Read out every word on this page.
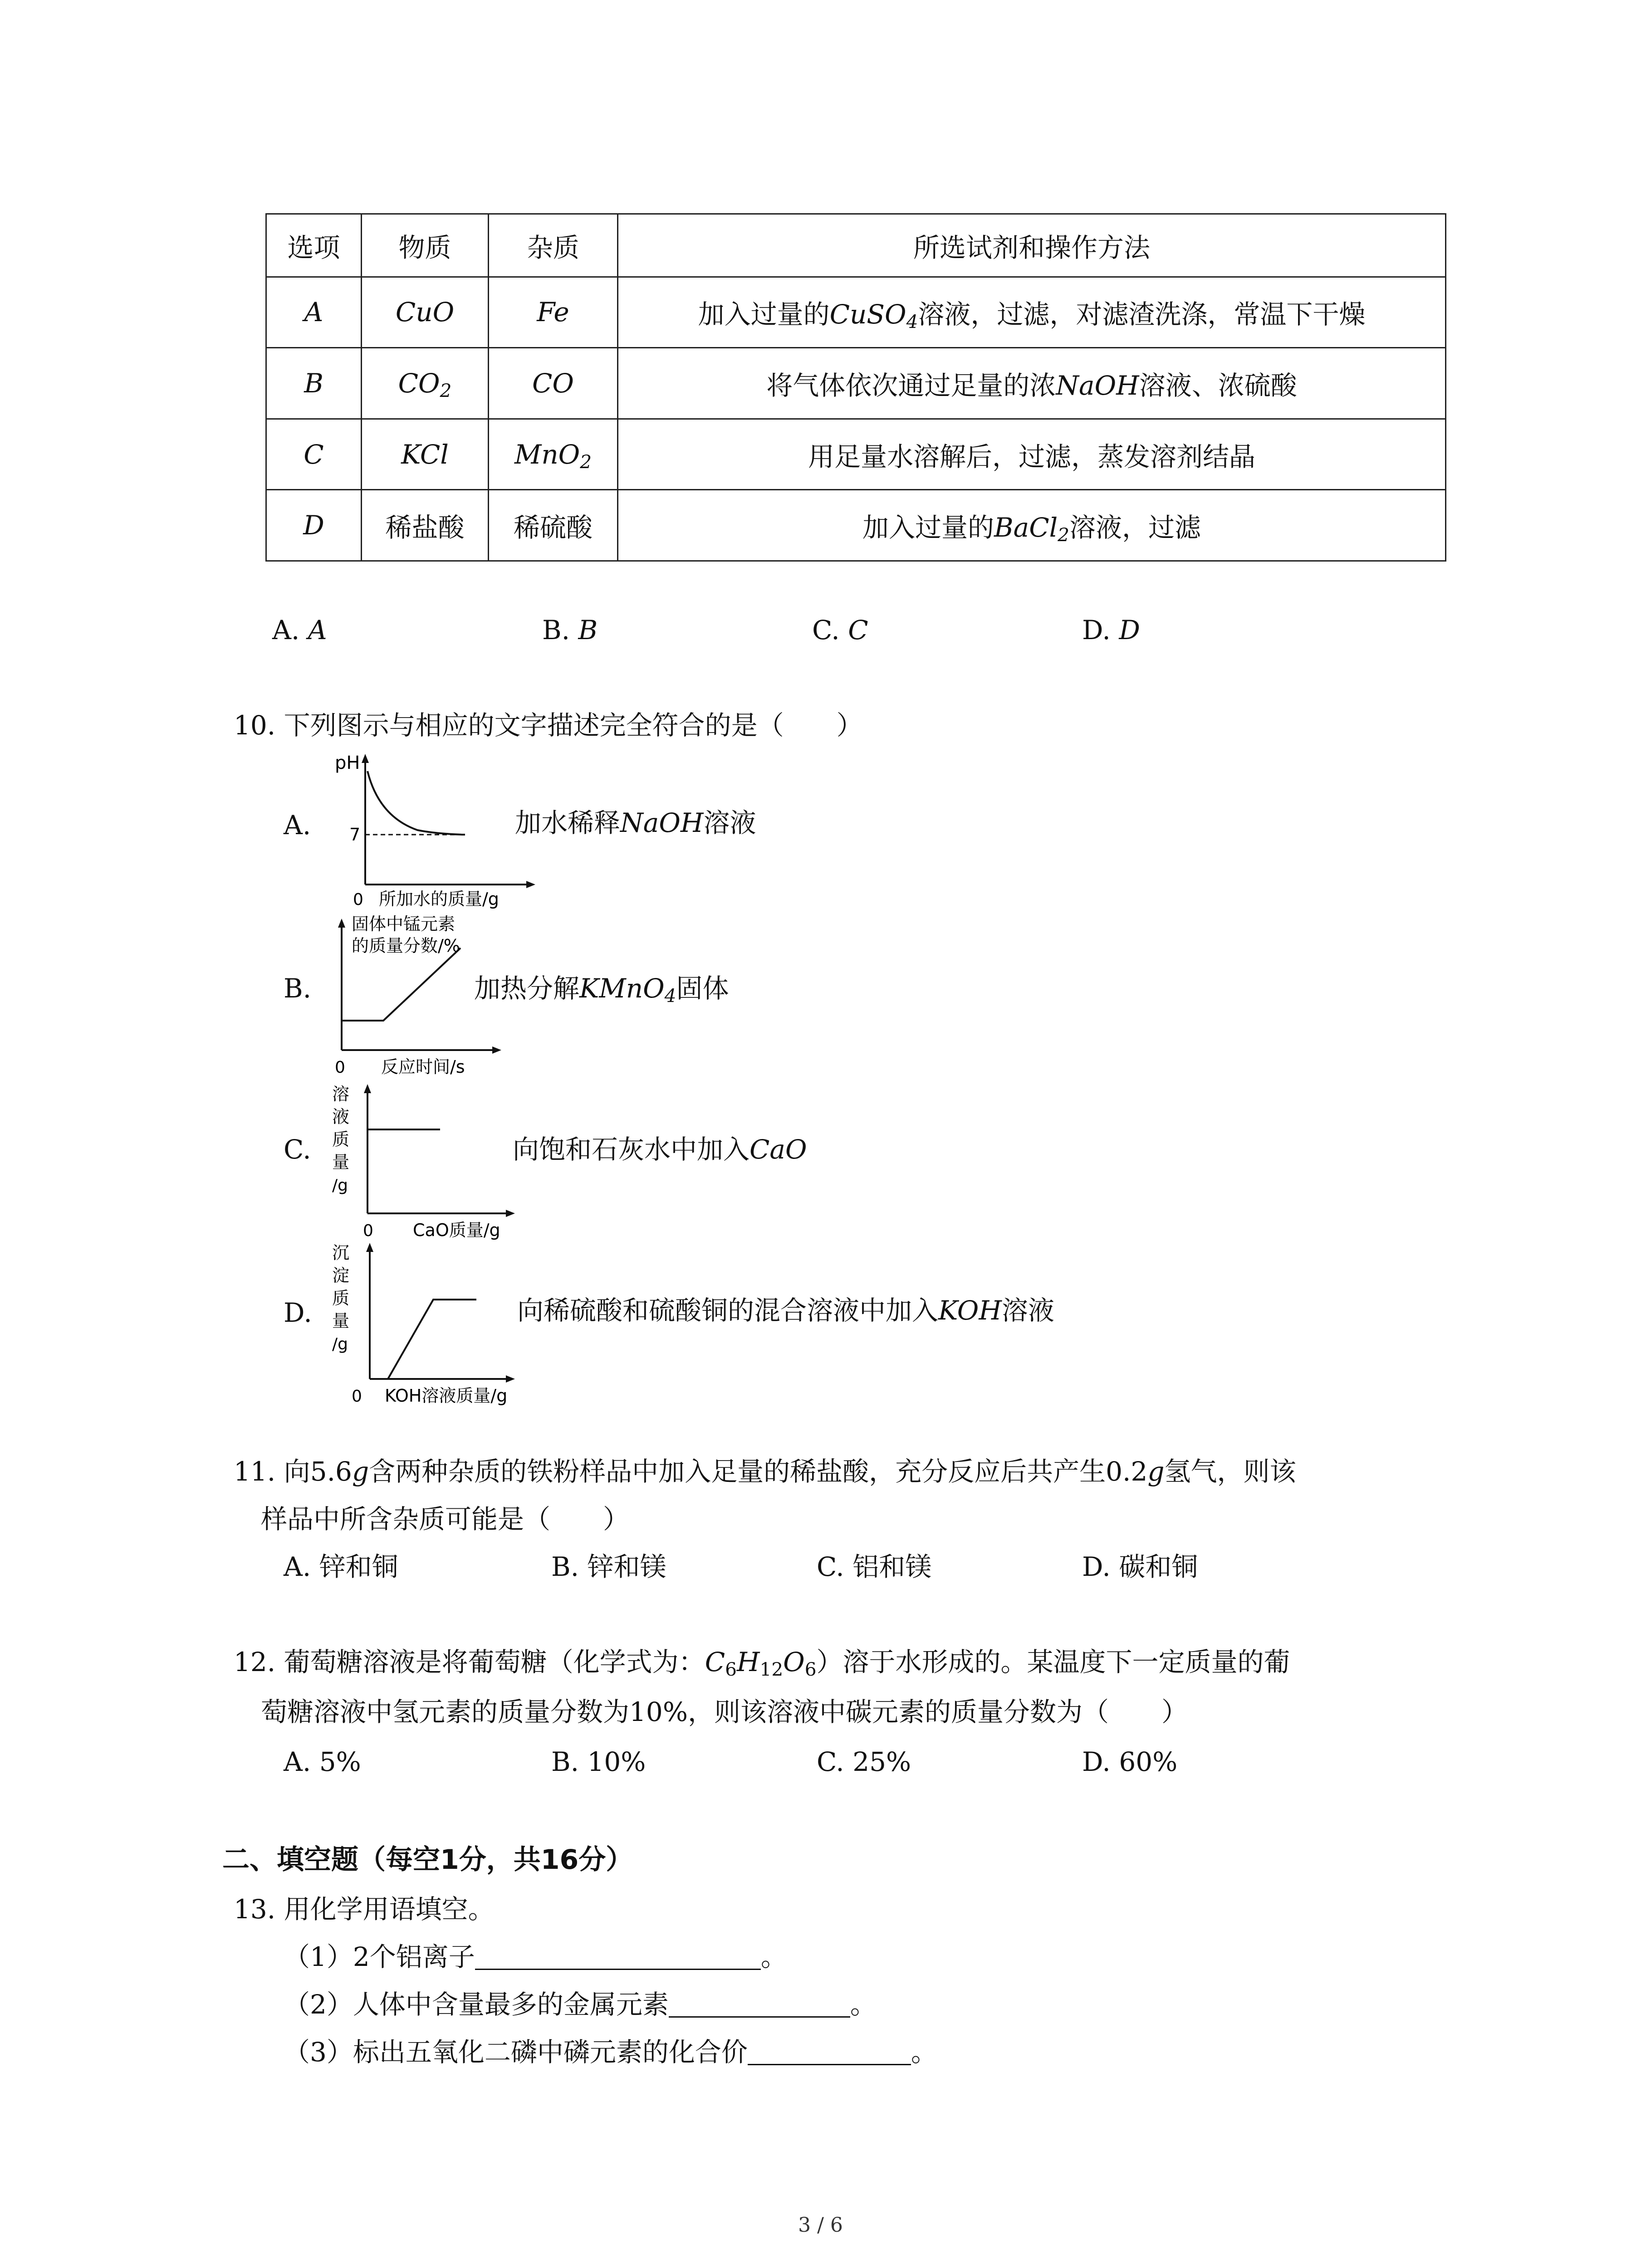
选项	物质	杂质	所选试剂和操作方法
A	CuO	Fe	加入过量的CuSO$_4$溶液，过滤，对滤渣洗涤，常温下干燥
B	$CO_2$	CO	将气体依次通过足量的浓NaOH溶液、浓硫酸
C	KCl	MnO$_2$	用足量水溶解后，过滤，蒸发溶剂结晶
D	稀盐酸	稀硫酸	加入过量的BaCl$_2$溶液，过滤
A. A	B. B	C. C	D. D
10. 下列图示与相应的文字描述完全符合的是（　　）
A.
pH
7
0 所加水的质量/g
加水稀释NaOH溶液
B.
固体中锰元素
的质量分数/%
0 反应时间/s
加热分解KMnO$_4$固体
C.
溶
液
质
量
/g
0 CaO质量/g
向饱和石灰水中加入CaO
D.
沉
淀
质
量
/g
0 KOH溶液质量/g
向稀硫酸和硫酸铜的混合溶液中加入KOH溶液
11. 向5.6g含两种杂质的铁粉样品中加入足量的稀盐酸，充分反应后共产生0.2g氢气，则该
样品中所含杂质可能是（　　）
A. 锌和铜	B. 锌和镁	C. 铝和镁	D. 碳和铜
12. 葡萄糖溶液是将葡萄糖（化学式为：$C_6H_{12}O_6$）溶于水形成的。某温度下一定质量的葡
萄糖溶液中氢元素的质量分数为10%，则该溶液中碳元素的质量分数为（　　）
A. 5%	B. 10%	C. 25%	D. 60%
二、填空题（每空1分，共16分）
13. 用化学用语填空。
（1）2个铝离子	。
（2）人体中含量最多的金属元素	。
（3）标出五氧化二磷中磷元素的化合价	。
3 / 6
